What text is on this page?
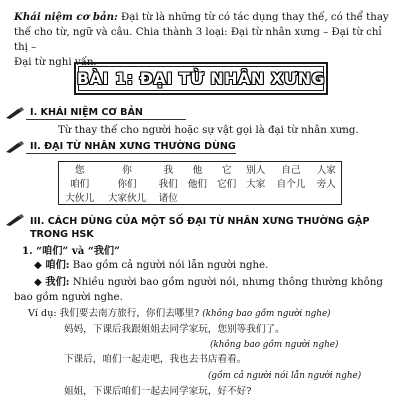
Khái niệm cơ bản: Đại từ là những từ có tác dụng thay thế, có thể thay
thế cho từ, ngữ và câu. Chia thành 3 loại: Đại từ nhân xưng – Đại từ chỉ thị –
Đại từ nghi vấn.
BÀI 1: ĐẠI TỪ NHÂN XƯNG
I. KHÁI NIỆM CƠ BẢN
Từ thay thế cho người hoặc sự vật gọi là đại từ nhân xưng.
II. ĐẠI TỪ NHÂN XƯNG THƯỜNG DÙNG
您	你	我	他	它	别人	自己	人家
咱们	你们	我们	他们	它们	大家	自个儿	旁人
大伙儿	大家伙儿	诸位					
III. CÁCH DÙNG CỦA MỘT SỐ ĐẠI TỪ NHÂN XƯNG THƯỜNG GẶP
TRONG HSK
1. “咱们” và “我们”
◆ 咱们: Bao gồm cả người nói lẫn người nghe.
◆ 我们: Nhiều người bao gồm người nói, nhưng thông thường không
bao gồm người nghe.
Ví dụ: 我们要去南方旅行，你们去哪里? (không bao gồm người nghe)
妈妈，下课后我跟姐姐去同学家玩，您别等我们了。
(không bao gồm người nghe)
下课后，咱们一起走吧，我也去书店看看。
(gồm cả người nói lẫn người nghe)
姐姐，下课后咱们一起去同学家玩，好不好?
